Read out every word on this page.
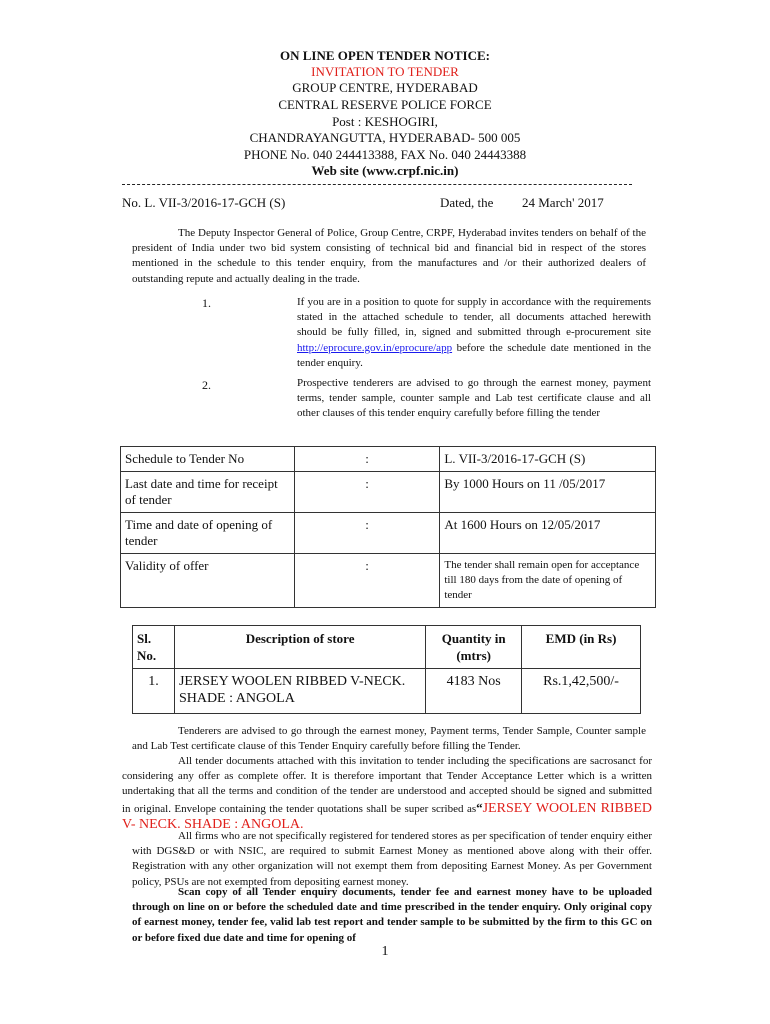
ON LINE OPEN TENDER NOTICE:
INVITATION TO TENDER
GROUP CENTRE, HYDERABAD
CENTRAL RESERVE POLICE FORCE
Post : KESHOGIRI,
CHANDRAYANGUTTA, HYDERABAD- 500 005
PHONE No. 040 244413388, FAX No. 040 24443388
Web site (www.crpf.nic.in)
No. L. VII-3/2016-17-GCH (S)	Dated, the 24 March' 2017
The Deputy Inspector General of Police, Group Centre, CRPF, Hyderabad invites tenders on behalf of the president of India under two bid system consisting of technical bid and financial bid in respect of the stores mentioned in the schedule to this tender enquiry, from the manufactures and /or their authorized dealers of outstanding repute and actually dealing in the trade.
1.	If you are in a position to quote for supply in accordance with the requirements stated in the attached schedule to tender, all documents attached herewith should be fully filled, in, signed and submitted through e-procurement site http://eprocure.gov.in/eprocure/app before the schedule date mentioned in the tender enquiry.
2.	Prospective tenderers are advised to go through the earnest money, payment terms, tender sample, counter sample and Lab test certificate clause and all other clauses of this tender enquiry carefully before filling the tender
Schedule to Tender No	:	L. VII-3/2016-17-GCH (S)
Last date and time for receipt of tender	:	By 1000 Hours on 11 /05/2017
Time and date of opening of tender	:	At 1600 Hours on 12/05/2017
Validity of offer	:	The tender shall remain open for acceptance till 180 days from the date of opening of tender
Sl. No.	Description of store	Quantity in (mtrs)	EMD (in Rs)
1.	JERSEY WOOLEN RIBBED V-NECK. SHADE : ANGOLA	4183 Nos	Rs.1,42,500/-
Tenderers are advised to go through the earnest money, Payment terms, Tender Sample, Counter sample and Lab Test certificate clause of this Tender Enquiry carefully before filling the Tender.
All tender documents attached with this invitation to tender including the specifications are sacrosanct for considering any offer as complete offer. It is therefore important that Tender Acceptance Letter which is a written undertaking that all the terms and condition of the tender are understood and accepted should be signed and submitted in original. Envelope containing the tender quotations shall be super scribed as“JERSEY WOOLEN RIBBED V- NECK. SHADE : ANGOLA.
All firms who are not specifically registered for tendered stores as per specification of tender enquiry either with DGS&D or with NSIC, are required to submit Earnest Money as mentioned above along with their offer. Registration with any other organization will not exempt them from depositing Earnest Money. As per Government policy, PSUs are not exempted from depositing earnest money.
Scan copy of all Tender enquiry documents, tender fee and earnest money have to be uploaded through on line on or before the scheduled date and time prescribed in the tender enquiry. Only original copy of earnest money, tender fee, valid lab test report and tender sample to be submitted by the firm to this GC on or before fixed due date and time for opening of
1
